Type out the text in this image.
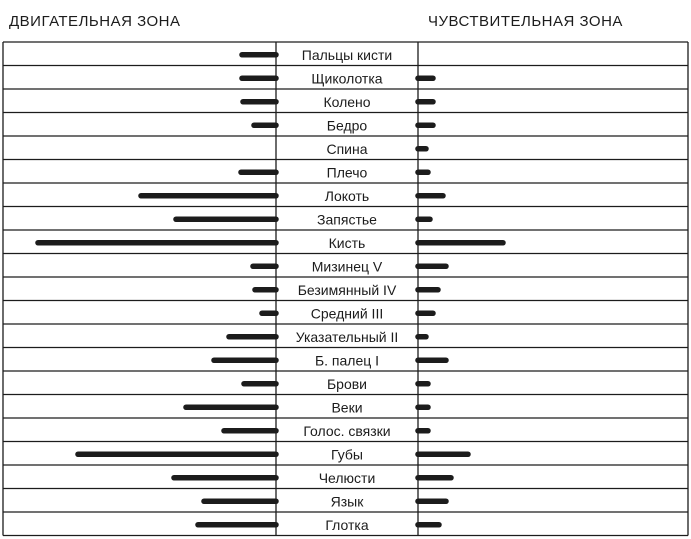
ДВИГАТЕЛЬНАЯ ЗОНА	ЧУВСТВИТЕЛЬНАЯ ЗОНА
Пальцы кисти
Щиколотка
Колено
Бедро
Спина
Плечо
Локоть
Запястье
Кисть
Мизинец V
Безимянный IV
Средний III
Указательный II
Б. палец I
Брови
Веки
Голос. связки
Губы
Челюсти
Язык
Глотка
